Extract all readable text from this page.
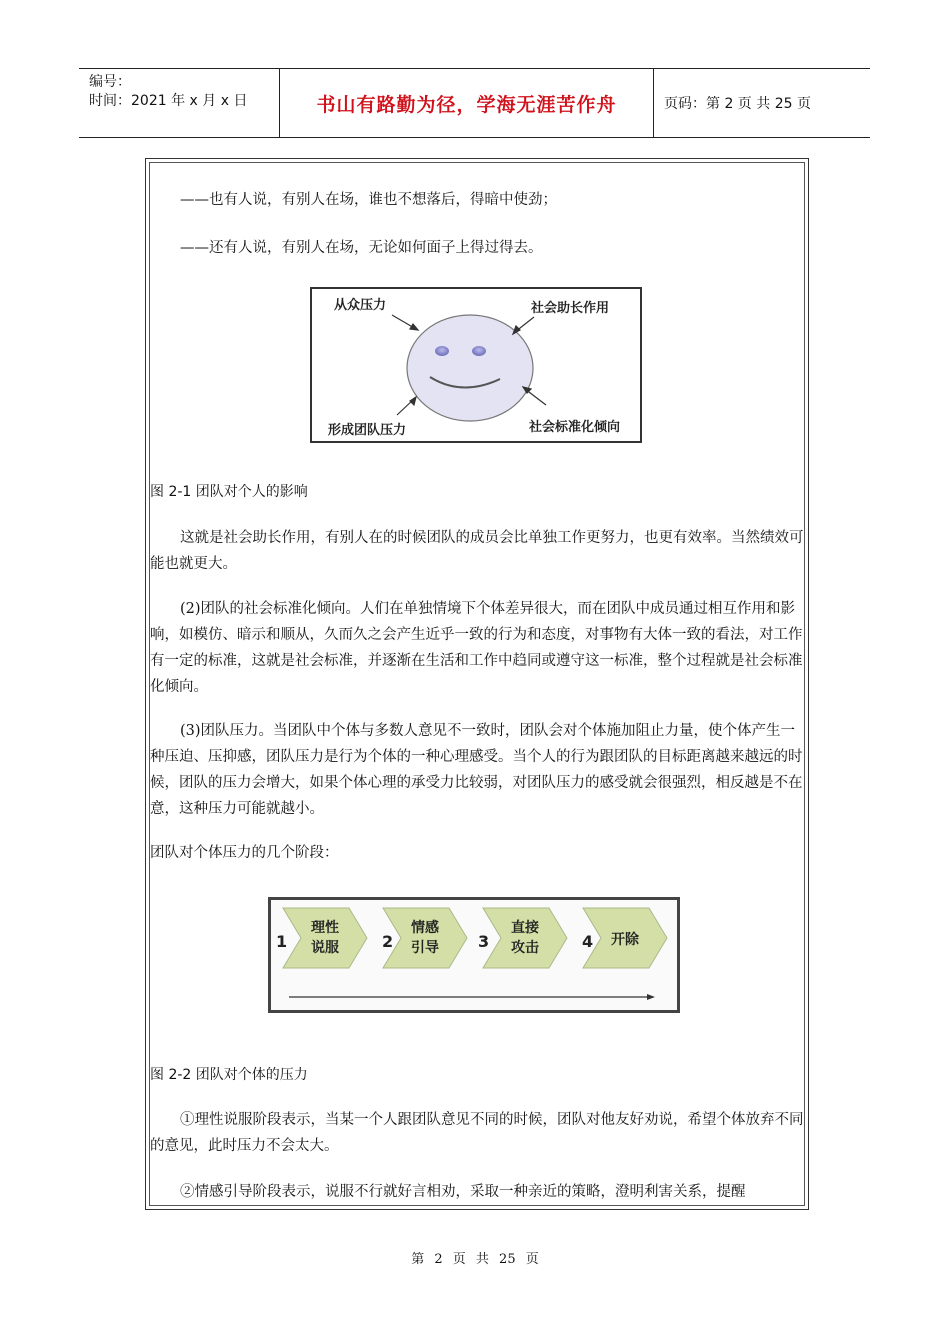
编号：
时间：2021 年 x 月 x 日	书山有路勤为径，学海无涯苦作舟	页码：第 2 页 共 25 页

——也有人说，有别人在场，谁也不想落后，得暗中使劲；

——还有人说，有别人在场，无论如何面子上得过得去。

从众压力	社会助长作用
形成团队压力	社会标准化倾向

图 2-1 团队对个人的影响

这就是社会助长作用，有别人在的时候团队的成员会比单独工作更努力，也更有效率。当然绩效可能也就更大。

(2)团队的社会标准化倾向。人们在单独情境下个体差异很大，而在团队中成员通过相互作用和影响，如模仿、暗示和顺从，久而久之会产生近乎一致的行为和态度，对事物有大体一致的看法，对工作有一定的标准，这就是社会标准，并逐渐在生活和工作中趋同或遵守这一标准，整个过程就是社会标准化倾向。

(3)团队压力。当团队中个体与多数人意见不一致时，团队会对个体施加阻止力量，使个体产生一种压迫、压抑感，团队压力是行为个体的一种心理感受。当个人的行为跟团队的目标距离越来越远的时候，团队的压力会增大，如果个体心理的承受力比较弱，对团队压力的感受就会很强烈，相反越是不在意，这种压力可能就越小。

团队对个体压力的几个阶段：

1	2	3	4
理性
说服
情感
引导
直接
攻击	开除

图 2-2 团队对个体的压力

①理性说服阶段表示，当某一个人跟团队意见不同的时候，团队对他友好劝说，希望个体放弃不同的意见，此时压力不会太大。

②情感引导阶段表示，说服不行就好言相劝，采取一种亲近的策略，澄明利害关系，提醒

第 2 页 共 25 页
